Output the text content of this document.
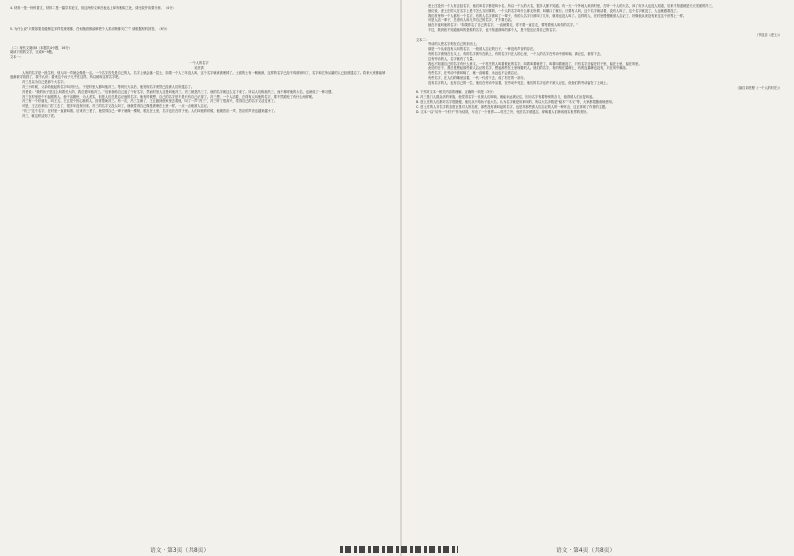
4. 材料一是一份科普文，材料二是一篇学术论文，但这两份文章在表达上却有相似之处，请比较并谈要分析。（4分）

5. 为什么说“只要如果各级制定多样性规划都，任何植营都能够把个人类动物都灭亡”？请根据材料回答。（6分）

（二）现代文阅读Ⅱ（本题共4小题，16分）

阅读下面的文字，完成6~9题。

文本一：

一个人的名字

吴亮供

人有的名字是一段生机，别人叫一声就会像是一点。一个名字首先是自己的人，名字上就会落一层土，如果一个人三年没人叫，这个名字就该被埋掉了。土面的土有一概就深，这样的名字已经不再被别叫了，名字和它所从属的人已经被遗忘了。将来大家都能够逐渐被寻找到了，我不认识；看来这个孩子几乎在这样，所以就叫这样名字吧。

冯三总以为自己是那个大名字。

冯三小时候，父亲给他起的名字叫冯什么，于是村里人都叫他冯三。等到长大以后，他发现名字竟然已经被人们所遗忘了。

冯老说：“我的孩子是这么叫着长大的，我总是叫他冯三。”后来他给自己起了个好名字，然而村里人还是叫他冯三，冯三就是冯三了，他的名字就这么定下来了。所以人们称他冯三，而不称呼他的大名，也就成了一种习惯。

冯三在村里是个不起眼的人，他干活勤快，为人老实，但是人们总是忘记他的名字。他有时候想，自己的名字是不是只有自己记得了。冯三想，一个人活着，总得有人叫他的名字，要不然跟死了有什么两样呢。

冯三有一个好朋友，叫王五。王五是个热心肠的人，经常帮助冯三。有一次，冯三生病了，王五跑到他家里去看他，叫了一声“冯三”，冯三听了很高兴，觉得自己的名字又活过来了。

可是，王五后来出门打工去了，很多年没有回来。冯三的名字又没人叫了，他就觉得自己像是被埋在土里一样，一点一点地被人忘记。

“冯三”这个名字，在村里一直被叫着。后来冯三老了，他觉得自己一辈子就像一棵树，根扎在土里，名字也长在村子里。人们叫他的时候，他就答应一声，答应的声音也越来越小了。

冯三，就这样活到了老。

虚土庄没有一个人有正经名字，他们叫名字都是叫小名，所以一个人的大名，很多人都不知道。有一天一个外地人来到村里，打听一个人的大名，问了好多人也没人知道，后来才知道就是天天见面的冯三。

他们说，虚土庄的人在名字上是不怎么当回事的，一个人的名字叫什么都无所谓，叫顺口了就行。只要有人叫，这个名字就活着，没有人叫了，这个名字就没了，人也就跟着没了。

我们村里每一个人都有一个名字，有的人名字被叫了一辈子，有的人名字只被叫了几年，就再也没人叫了。这样的人，在村里慢慢就被人忘记了，好像他从来没有来过这个世界上一样。

可是人活一辈子，总得有人叫几声自己的名字，才不算白活。

她在半夜叫他的名字：“如果你忘了自己的名字，一直就要走，你不要一直往走，要等着别人叫你的名字。”

不过，我到底不知道她叫的是谁的名字，也不知道被叫的那个人，是不是还记得自己的名字。

（节选自《虚土》）

文本二：

劳动的人把名字刻在自己的东西上。

那是一个从来没有人叫的名字，一段被人忘记的日子，一种没有声音的存在。

有的名字被刻在石头上，有的名字被写在纸上，有的名字只在人的心里，一个人的名字在劳动中被叫响，被记住，被传下去。

这有劳动的人，名字就有了力量。

我也不知道自己的名字有什么意义。一个村庄的人叫着彼此的名字，叫着叫着就老了，叫着叫着就没了，只有名字还留在村子里，留在土里，留在风里。

此后的日子，我总是想起那些被人忘记的名字，想起那些在土里埋着的人。他们的名字，有的刻在墓碑上，有的连墓碑也没有，只在风中飘荡。

有些名字，在劳动中被叫响了，就一直响着，永远也不会被忘记。

有些名字，在人们的嘴里活着，一代一代传下去，成了村庄的一部分。

没有名字的人，也有自己的一生。他们在劳动中活着，在劳动中死去，他们的名字也许不被人记住，但他们的劳动留在了土地上。

（摘自刘亮程《一个人的村庄》）

6. 下列对文本一相关内容的理解，正确的一项是（3分）

A. 冯三是门人数众多的家族，他觉得名字一旦被人们叫响，就能永远被记住，因为名字有着特别的含义，值得被人们反复叫起。

B. 虚土庄的人们都对名字很随便，他们从不给孩子起大名，认为名字就是用来叫的，所以大名多数是“稳木”“木叉”等，大家都很随意地使用。

C. 虚土庄的人对名字的态度正是对人的态度，那些没有被叫起的名字，也是对那些被人们忘记的人的一种怀念，这正体现了作者的主题。

D. 文本一以“另外一个村子”作为结尾，写出了一个世界——村庄之外，死后名字被遗忘，呼唤着人们珍视现实世界的美好。

语文 · 第3页（共8页）	语文 · 第4页（共8页）
